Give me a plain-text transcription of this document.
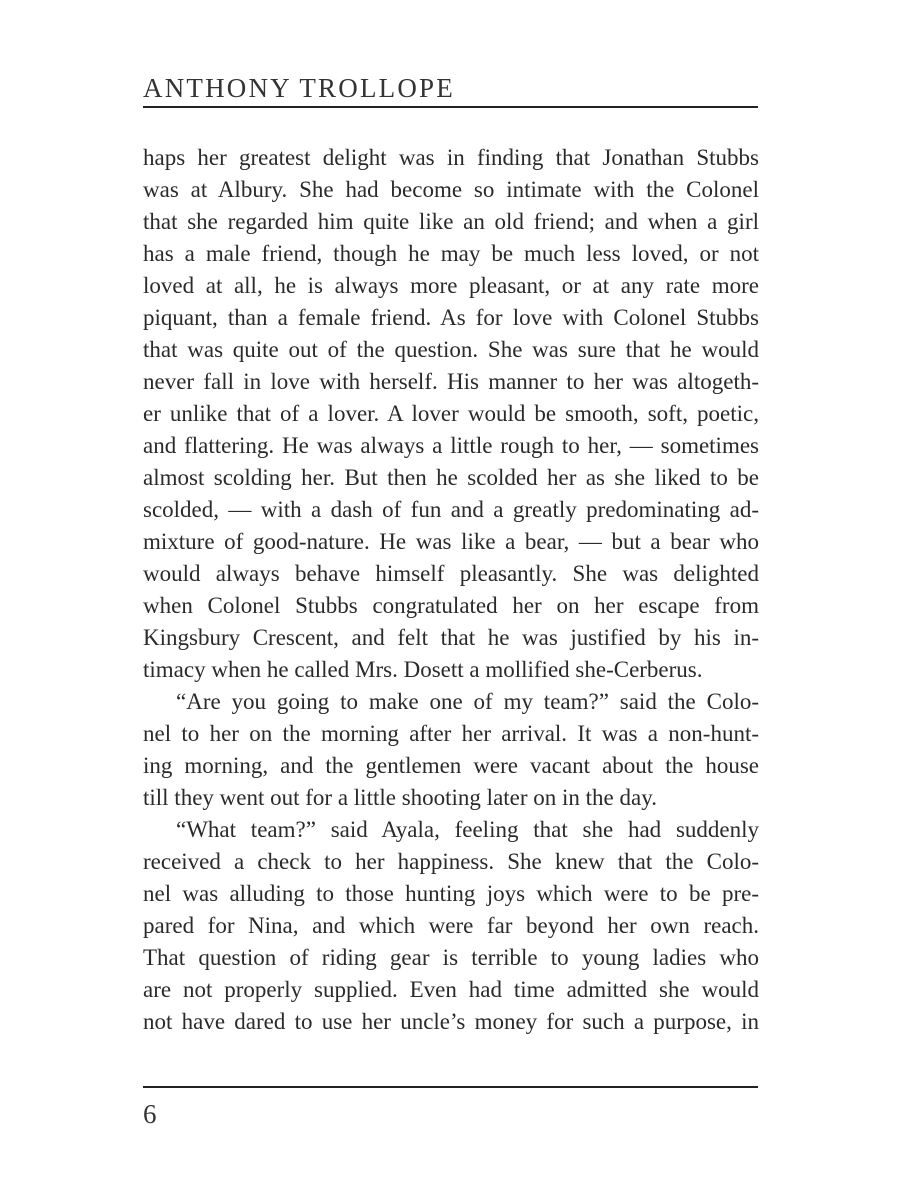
ANTHONY TROLLOPE
haps her greatest delight was in finding that Jonathan Stubbs
was at Albury. She had become so intimate with the Colonel
that she regarded him quite like an old friend; and when a girl
has a male friend, though he may be much less loved, or not
loved at all, he is always more pleasant, or at any rate more
piquant, than a female friend. As for love with Colonel Stubbs
that was quite out of the question. She was sure that he would
never fall in love with herself. His manner to her was altogeth-
er unlike that of a lover. A lover would be smooth, soft, poetic,
and flattering. He was always a little rough to her, — sometimes
almost scolding her. But then he scolded her as she liked to be
scolded, — with a dash of fun and a greatly predominating ad-
mixture of good-nature. He was like a bear, — but a bear who
would always behave himself pleasantly. She was delighted
when Colonel Stubbs congratulated her on her escape from
Kingsbury Crescent, and felt that he was justified by his in-
timacy when he called Mrs. Dosett a mollified she-Cerberus.
“Are you going to make one of my team?” said the Colo-
nel to her on the morning after her arrival. It was a non-hunt-
ing morning, and the gentlemen were vacant about the house
till they went out for a little shooting later on in the day.
“What team?” said Ayala, feeling that she had suddenly
received a check to her happiness. She knew that the Colo-
nel was alluding to those hunting joys which were to be pre-
pared for Nina, and which were far beyond her own reach.
That question of riding gear is terrible to young ladies who
are not properly supplied. Even had time admitted she would
not have dared to use her uncle’s money for such a purpose, in
6
